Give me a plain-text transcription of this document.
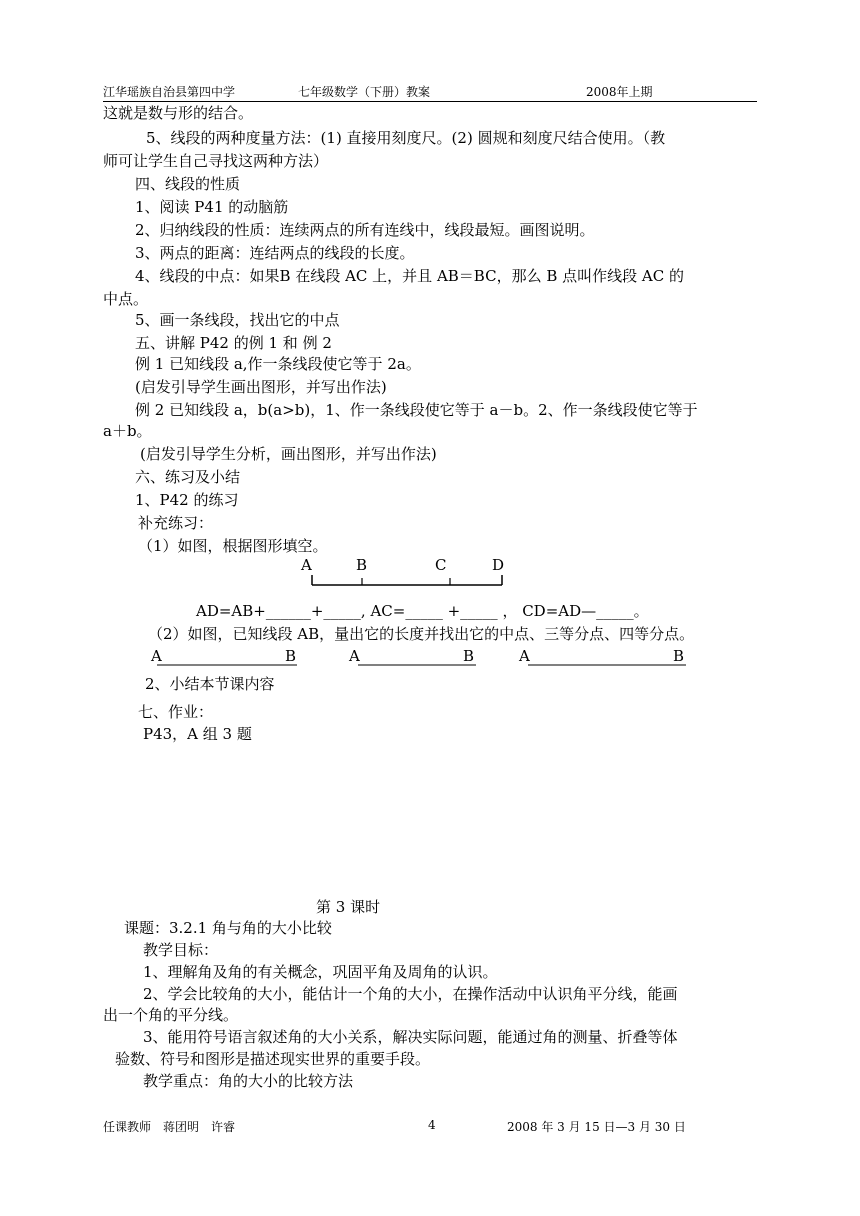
江华瑶族自治县第四中学	七年级数学（下册）教案	2008年上期
这就是数与形的结合。
5、线段的两种度量方法：(1) 直接用刻度尺。(2) 圆规和刻度尺结合使用。（教
师可让学生自己寻找这两种方法）
四、线段的性质
1、阅读 P41 的动脑筋
2、归纳线段的性质：连续两点的所有连线中，线段最短。画图说明。
3、两点的距离：连结两点的线段的长度。
4、线段的中点：如果B 在线段 AC 上，并且 AB＝BC，那么 B 点叫作线段 AC 的
中点。
5、画一条线段，找出它的中点
五、讲解 P42 的例 1 和 例 2
例 1 已知线段 a,作一条线段使它等于 2a。
(启发引导学生画出图形，并写出作法)
例 2 已知线段 a，b(a>b)，1、作一条线段使它等于 a－b。2、作一条线段使它等于
a＋b。
(启发引导学生分析，画出图形，并写出作法)
六、练习及小结
1、P42 的练习
补充练习：
（1）如图，根据图形填空。
A	B	C	D
AD=AB+______+_____, AC=_____ +_____ ， CD=AD—_____。
（2）如图，已知线段 AB，量出它的长度并找出它的中点、三等分点、四等分点。
A	B	A	B	A	B
2、小结本节课内容
七、作业：
P43，A 组 3 题
第 3 课时
课题：3.2.1 角与角的大小比较
教学目标：
1、理解角及角的有关概念，巩固平角及周角的认识。
2、学会比较角的大小，能估计一个角的大小，在操作活动中认识角平分线，能画
出一个角的平分线。
3、能用符号语言叙述角的大小关系，解决实际问题，能通过角的测量、折叠等体
验数、符号和图形是描述现实世界的重要手段。
教学重点：角的大小的比较方法
任课教师　蒋团明　许睿	4	2008 年 3 月 15 日—3 月 30 日
